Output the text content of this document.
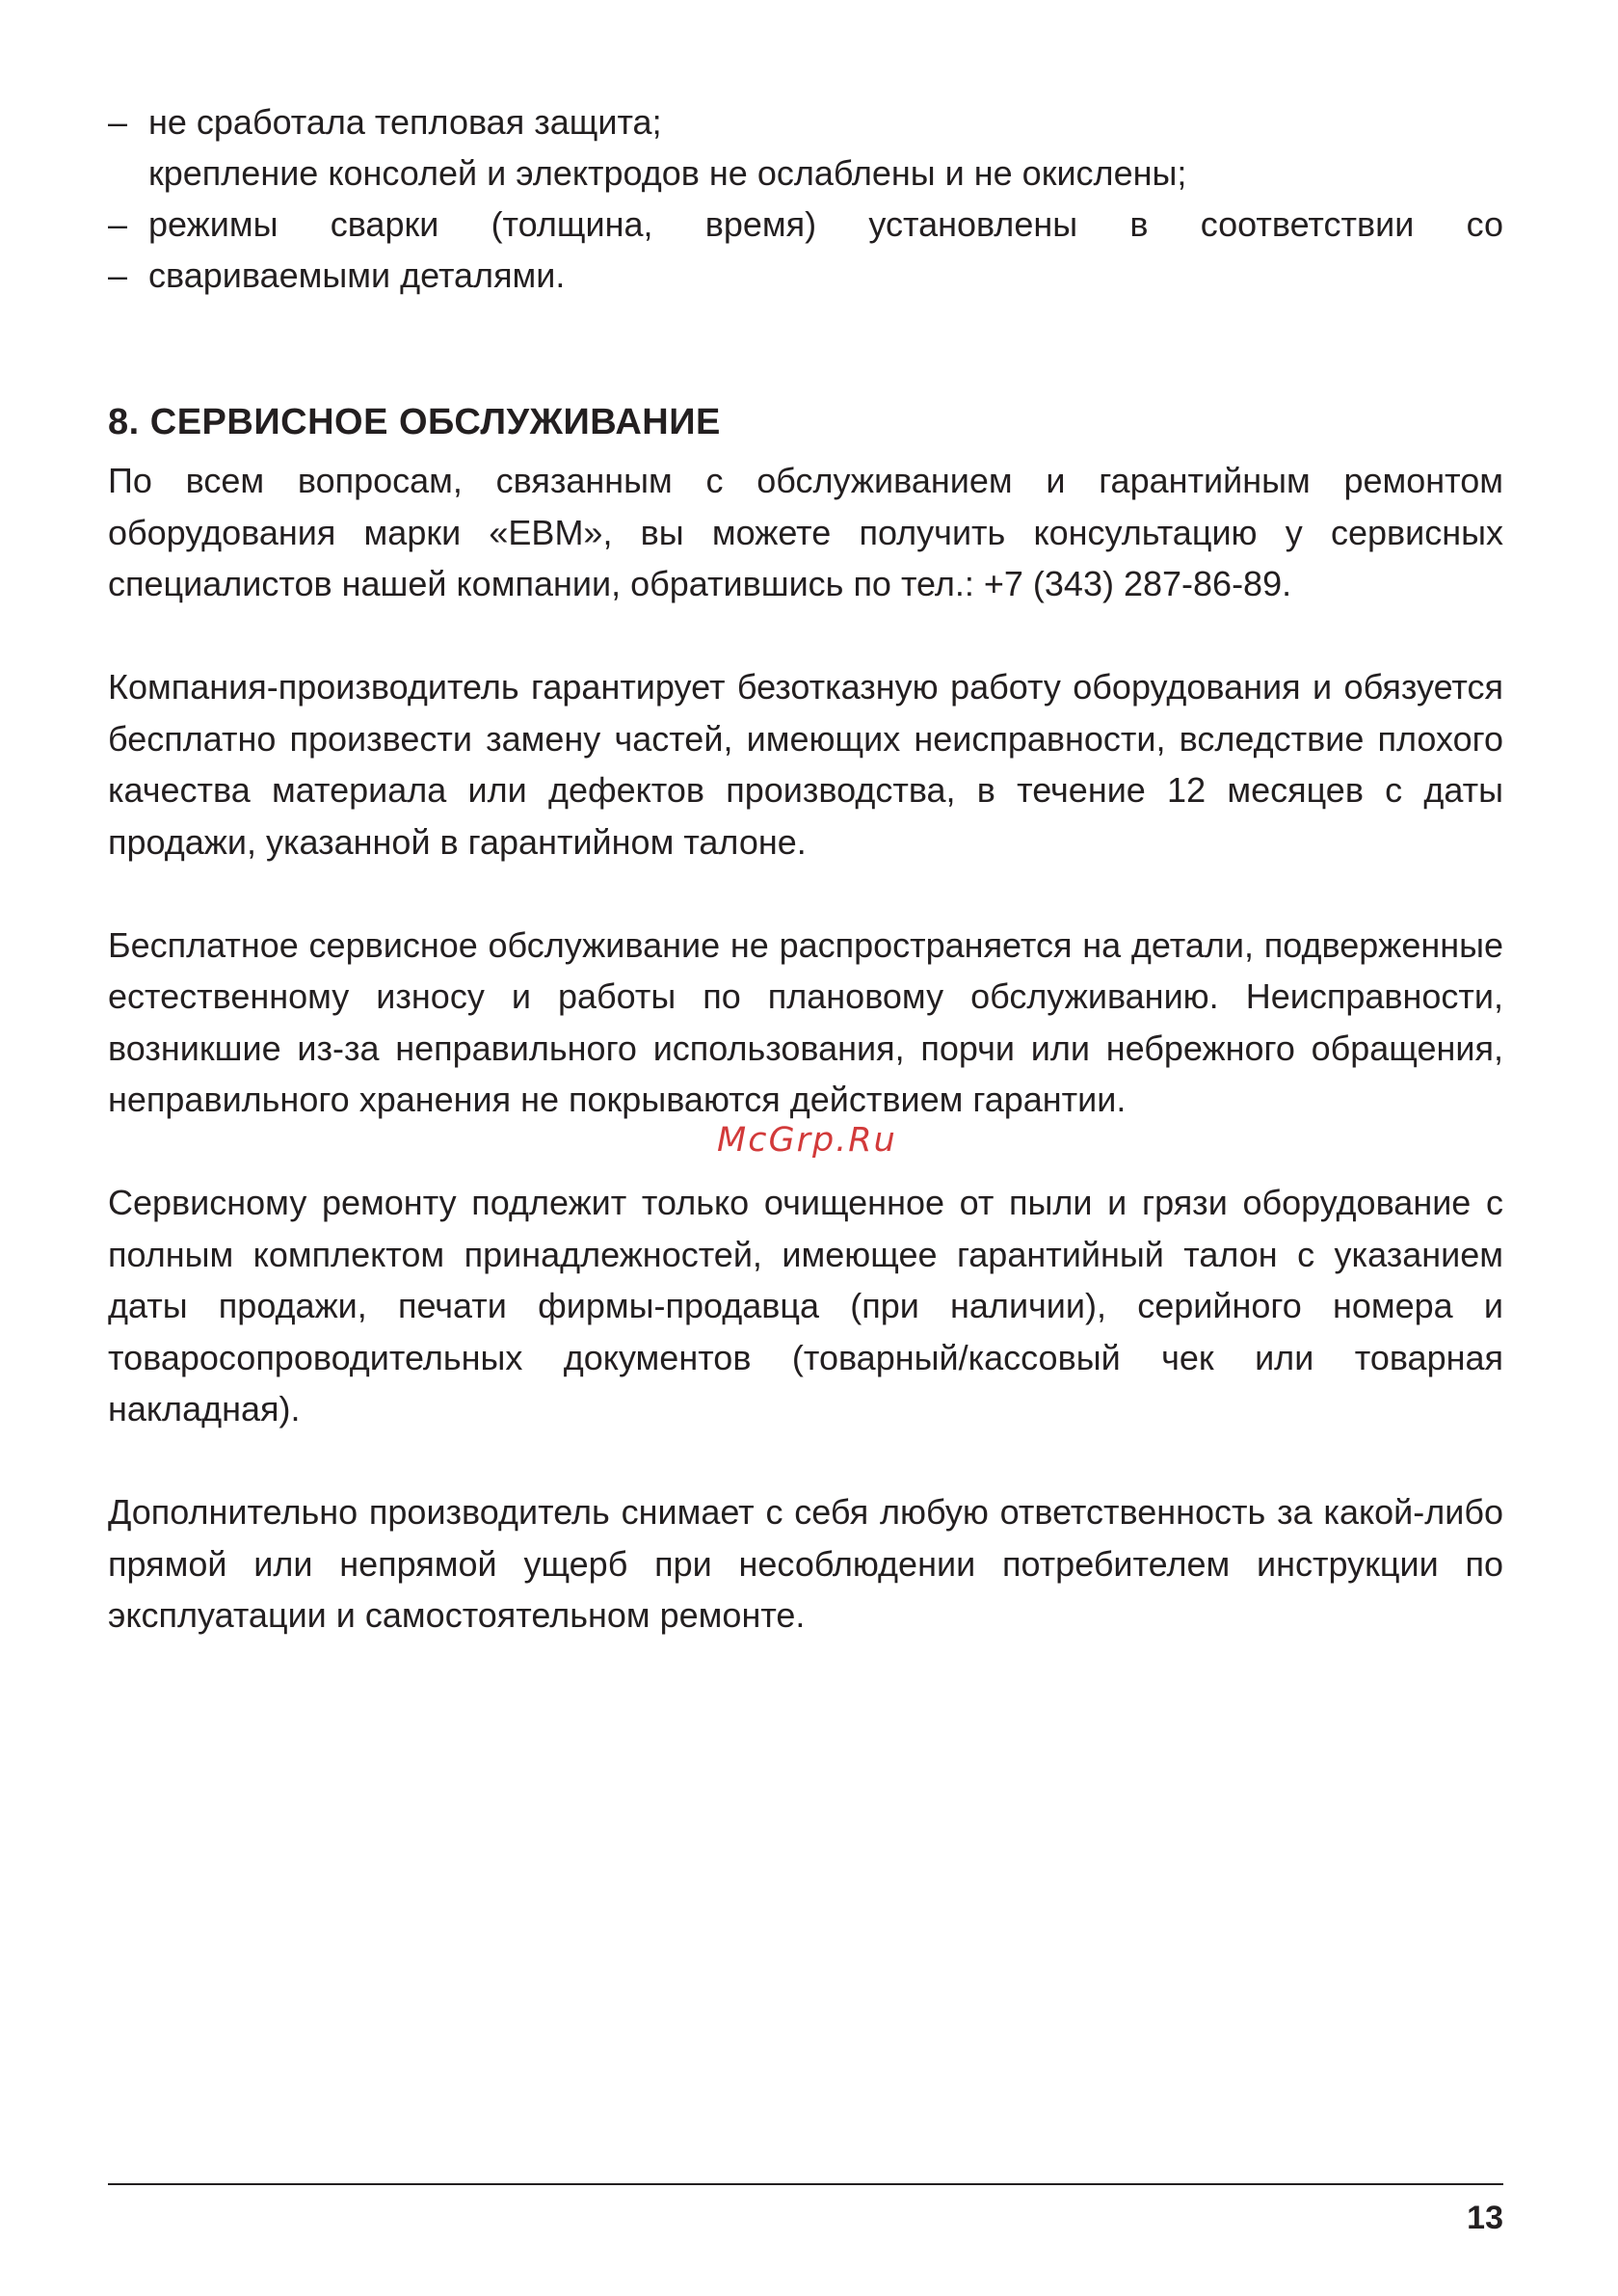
– не сработала тепловая защита;
крепление консолей и электродов не ослаблены и не окислены;
– режимы сварки (толщина, время) установлены в соответствии со
– свариваемыми деталями.
8. СЕРВИСНОЕ ОБСЛУЖИВАНИЕ

По всем вопросам, связанным с обслуживанием и гарантийным ремонтом оборудования марки «EBM», вы можете получить консультацию у сервисных специалистов нашей компании, обратившись по тел.: +7 (343) 287-86-89.

Компания-производитель гарантирует безотказную работу оборудования и обязуется бесплатно произвести замену частей, имеющих неисправности, вследствие плохого качества материала или дефектов производства, в течение 12 месяцев с даты продажи, указанной в гарантийном талоне.

Бесплатное сервисное обслуживание не распространяется на детали, подверженные естественному износу и работы по плановому обслуживанию. Неисправности, возникшие из-за неправильного использования, порчи или небрежного обращения, неправильного хранения не покрываются действием гарантии.

Сервисному ремонту подлежит только очищенное от пыли и грязи оборудование с полным комплектом принадлежностей, имеющее гарантийный талон с указанием даты продажи, печати фирмы-продавца (при наличии), серийного номера и товаросопроводительных документов (товарный/кассовый чек или товарная накладная).

Дополнительно производитель снимает с себя любую ответственность за какой-либо прямой или непрямой ущерб при несоблюдении потребителем инструкции по эксплуатации и самостоятельном ремонте.

McGrp.Ru
13
